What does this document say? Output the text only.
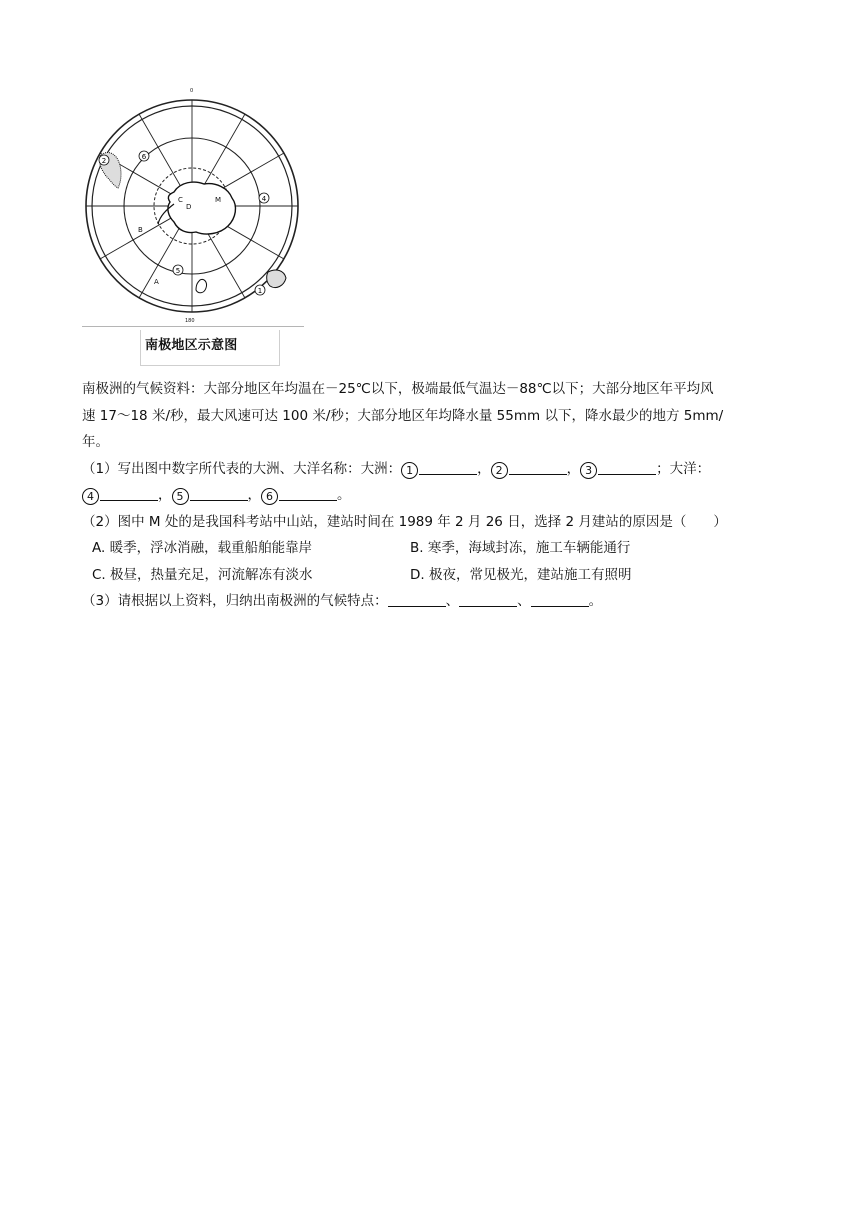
2	6
4
5
1
M
A
B
C
D
0
180
南极地区示意图
南极洲的气候资料：大部分地区年均温在－25℃以下，极端最低气温达－88℃以下；大部分地区年平均风
速 17～18 米/秒，最大风速可达 100 米/秒；大部分地区年均降水量 55mm 以下，降水最少的地方 5mm/
年。
（1）写出图中数字所代表的大洲、大洋名称：大洲： 1	， 2	， 3	；大洋：
4	， 5	， 6	。
（2）图中 M 处的是我国科考站中山站，建站时间在 1989 年 2 月 26 日，选择 2 月建站的原因是（　　）
A. 暖季，浮冰消融，载重船舶能靠岸	B. 寒季，海域封冻，施工车辆能通行
C. 极昼，热量充足，河流解冻有淡水	D. 极夜，常见极光，建站施工有照明
（3）请根据以上资料，归纳出南极洲的气候特点：	、	、	。
